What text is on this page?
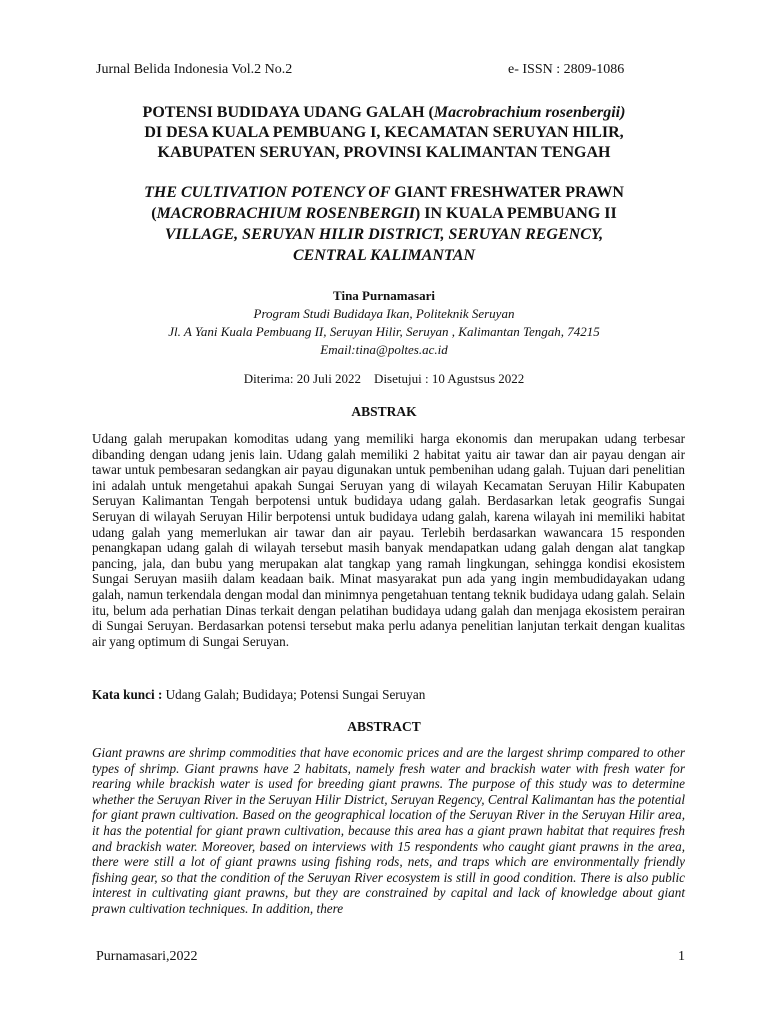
Jurnal Belida Indonesia Vol.2 No.2	e- ISSN : 2809-1086
POTENSI BUDIDAYA UDANG GALAH (Macrobrachium rosenbergii)
DI DESA KUALA PEMBUANG I, KECAMATAN SERUYAN HILIR,
KABUPATEN SERUYAN, PROVINSI KALIMANTAN TENGAH
THE CULTIVATION POTENCY OF GIANT FRESHWATER PRAWN
(MACROBRACHIUM ROSENBERGII) IN KUALA PEMBUANG II
VILLAGE, SERUYAN HILIR DISTRICT, SERUYAN REGENCY,
CENTRAL KALIMANTAN
Tina Purnamasari
Program Studi Budidaya Ikan, Politeknik Seruyan
Jl. A Yani Kuala Pembuang II, Seruyan Hilir, Seruyan , Kalimantan Tengah, 74215
Email:tina@poltes.ac.id
Diterima: 20 Juli 2022    Disetujui : 10 Agustsus 2022
ABSTRAK
Udang galah merupakan komoditas udang yang memiliki harga ekonomis dan merupakan udang terbesar dibanding dengan udang jenis lain. Udang galah memiliki 2 habitat yaitu air tawar dan air payau dengan air tawar untuk pembesaran sedangkan air payau digunakan untuk pembenihan udang galah. Tujuan dari penelitian ini adalah untuk mengetahui apakah Sungai Seruyan yang di wilayah Kecamatan Seruyan Hilir Kabupaten Seruyan Kalimantan Tengah berpotensi untuk budidaya udang galah. Berdasarkan letak geografis Sungai Seruyan di wilayah Seruyan Hilir berpotensi untuk budidaya udang galah, karena wilayah ini memiliki habitat udang galah yang memerlukan air tawar dan air payau. Terlebih berdasarkan wawancara 15 responden penangkapan udang galah di wilayah tersebut masih banyak mendapatkan udang galah dengan alat tangkap pancing, jala, dan bubu yang merupakan alat tangkap yang ramah lingkungan, sehingga kondisi ekosistem Sungai Seruyan masiih dalam keadaan baik. Minat masyarakat pun ada yang ingin membudidayakan udang galah, namun terkendala dengan modal dan minimnya pengetahuan tentang teknik budidaya udang galah. Selain itu, belum ada perhatian Dinas terkait dengan pelatihan budidaya udang galah dan menjaga ekosistem perairan di Sungai Seruyan. Berdasarkan potensi tersebut maka perlu adanya penelitian lanjutan terkait dengan kualitas air yang optimum di Sungai Seruyan.
Kata kunci : Udang Galah; Budidaya; Potensi Sungai Seruyan
ABSTRACT
Giant prawns are shrimp commodities that have economic prices and are the largest shrimp compared to other types of shrimp. Giant prawns have 2 habitats, namely fresh water and brackish water with fresh water for rearing while brackish water is used for breeding giant prawns. The purpose of this study was to determine whether the Seruyan River in the Seruyan Hilir District, Seruyan Regency, Central Kalimantan has the potential for giant prawn cultivation. Based on the geographical location of the Seruyan River in the Seruyan Hilir area, it has the potential for giant prawn cultivation, because this area has a giant prawn habitat that requires fresh and brackish water. Moreover, based on interviews with 15 respondents who caught giant prawns in the area, there were still a lot of giant prawns using fishing rods, nets, and traps which are environmentally friendly fishing gear, so that the condition of the Seruyan River ecosystem is still in good condition. There is also public interest in cultivating giant prawns, but they are constrained by capital and lack of knowledge about giant prawn cultivation techniques. In addition, there
Purnamasari,2022	1
